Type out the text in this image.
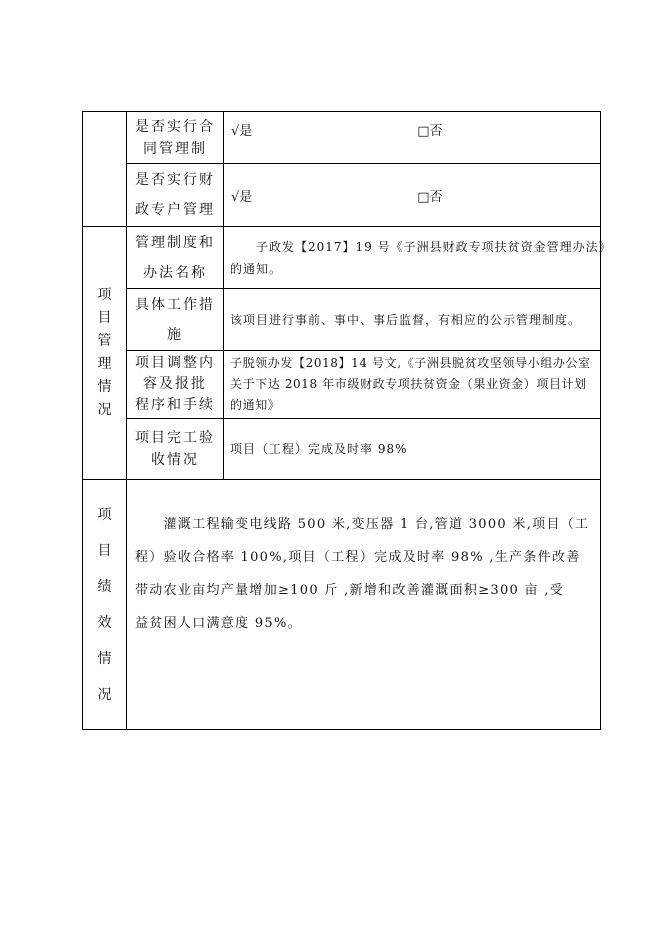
是否实行合
同管理制
√是	□否
是否实行财
政专户管理
√是	□否
项
目
管
理
情
况
管理制度和
办法名称
　　子政发【2017】19 号《子洲县财政专项扶贫资金管理办法》
的通知。
具体工作措
施
该项目进行事前、事中、事后监督，有相应的公示管理制度。
项目调整内
容及报批
程序和手续
子脱领办发【2018】14 号文,《子洲县脱贫攻坚领导小组办公室
关于下达 2018 年市级财政专项扶贫资金（果业资金）项目计划
的通知》
项目完工验
收情况
项目（工程）完成及时率 98%
项
目
绩
效
情
况
　　灌溉工程输变电线路 500 米,变压器 1 台,管道 3000 米,项目（工
程）验收合格率 100%,项目（工程）完成及时率 98% ,生产条件改善
带动农业亩均产量增加≥100 斤 ,新增和改善灌溉面积≥300 亩 ,受
益贫困人口满意度 95%。
